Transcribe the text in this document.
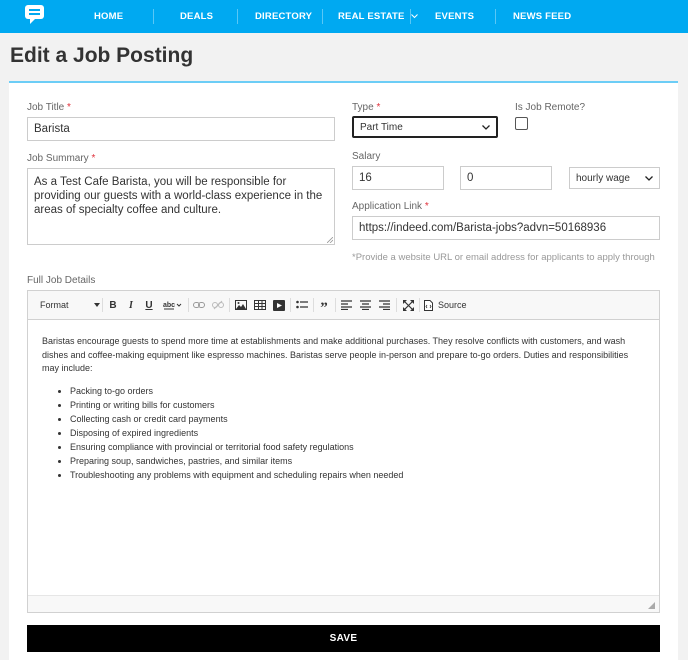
HOME	DEALS	DIRECTORY	REAL ESTATE	EVENTS	NEWS FEED
Edit a Job Posting
Job Title *
Barista
Type *
Part Time
Is Job Remote?
Job Summary *
As a Test Cafe Barista, you will be responsible for providing our guests with a world-class experience in the areas of specialty coffee and culture.
Salary
16	0	hourly wage
Application Link *
https://indeed.com/Barista-jobs?advn=50168936
*Provide a website URL or email address for applicants to apply through
Full Job Details
Format	B	I	U	abc	”	Source

Baristas encourage guests to spend more time at establishments and make additional purchases. They resolve conflicts with customers, and wash dishes and coffee-making equipment like espresso machines. Baristas serve people in-person and prepare to-go orders. Duties and responsibilities may include:

• Packing to-go orders
• Printing or writing bills for customers
• Collecting cash or credit card payments
• Disposing of expired ingredients
• Ensuring compliance with provincial or territorial food safety regulations
• Preparing soup, sandwiches, pastries, and similar items
• Troubleshooting any problems with equipment and scheduling repairs when needed
SAVE
